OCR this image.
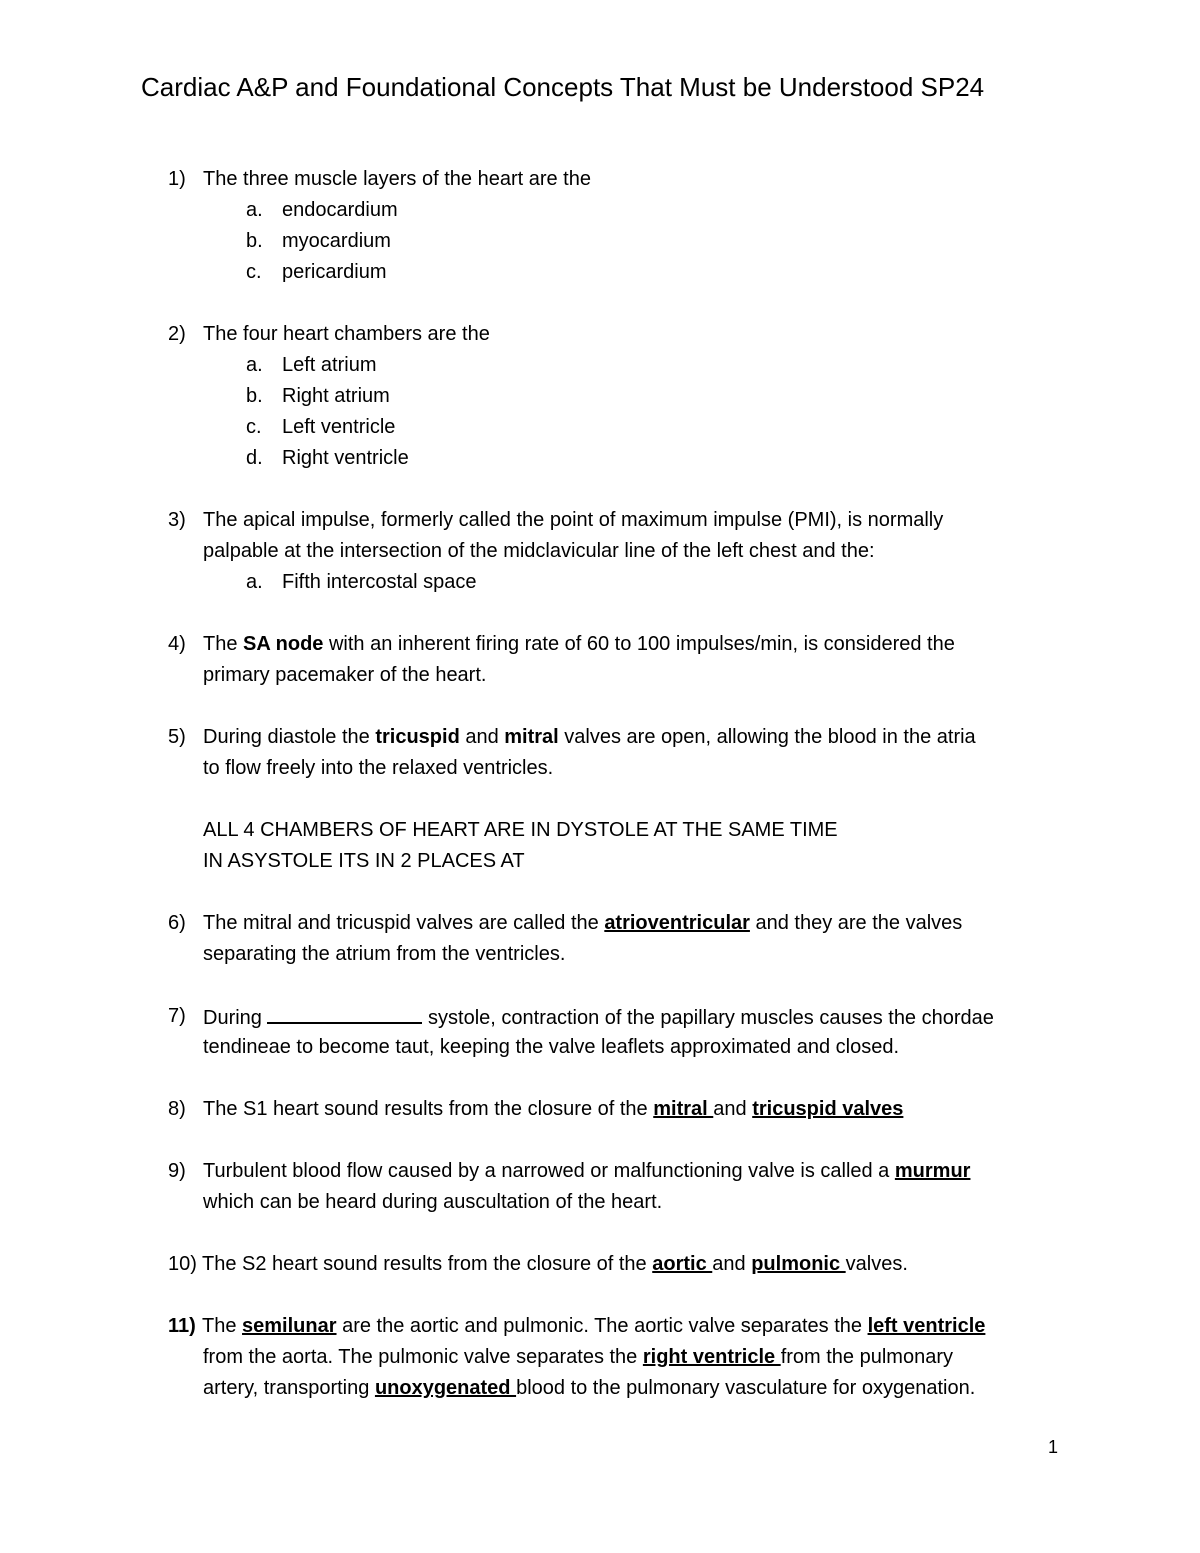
Cardiac A&P and Foundational Concepts That Must be Understood SP24
1) The three muscle layers of the heart are the
a. endocardium
b. myocardium
c. pericardium
2) The four heart chambers are the
a. Left atrium
b. Right atrium
c. Left ventricle
d. Right ventricle
3) The apical impulse, formerly called the point of maximum impulse (PMI), is normally
palpable at the intersection of the midclavicular line of the left chest and the:
a. Fifth intercostal space
4) The SA node with an inherent firing rate of 60 to 100 impulses/min, is considered the
primary pacemaker of the heart.
5) During diastole the tricuspid and mitral valves are open, allowing the blood in the atria
to flow freely into the relaxed ventricles.
ALL 4 CHAMBERS OF HEART ARE IN DYSTOLE AT THE SAME TIME
IN ASYSTOLE ITS IN 2 PLACES AT
6) The mitral and tricuspid valves are called the atrioventricular and they are the valves
separating the atrium from the ventricles.
7) During	systole, contraction of the papillary muscles causes the chordae
tendineae to become taut, keeping the valve leaflets approximated and closed.
8) The S1 heart sound results from the closure of the mitral and tricuspid valves
9) Turbulent blood flow caused by a narrowed or malfunctioning valve is called a murmur
which can be heard during auscultation of the heart.
10) The S2 heart sound results from the closure of the aortic and pulmonic valves.
11) The semilunar are the aortic and pulmonic. The aortic valve separates the left ventricle
from the aorta. The pulmonic valve separates the right ventricle from the pulmonary
artery, transporting unoxygenated blood to the pulmonary vasculature for oxygenation.
1
